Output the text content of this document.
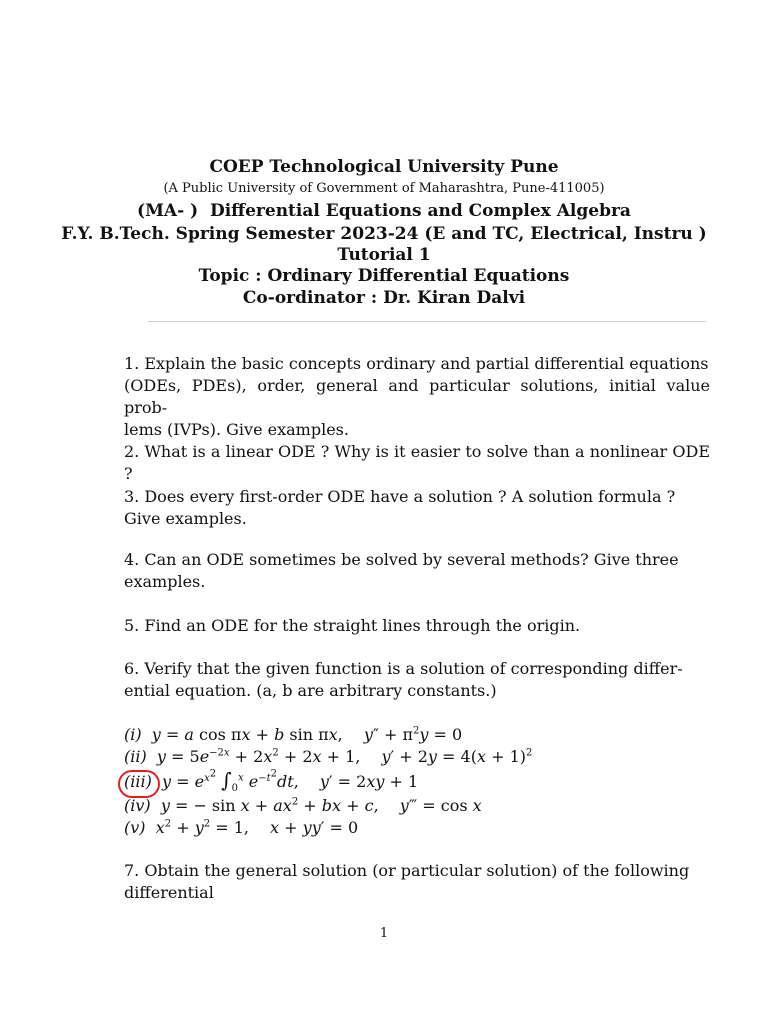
COEP Technological University Pune
(A Public University of Government of Maharashtra, Pune-411005)
(MA- )  Differential Equations and Complex Algebra
F.Y. B.Tech. Spring Semester 2023-24 (E and TC, Electrical, Instru )
Tutorial 1
Topic : Ordinary Differential Equations
Co-ordinator : Dr. Kiran Dalvi
1. Explain the basic concepts ordinary and partial differential equations
(ODEs, PDEs), order, general and particular solutions, initial value prob-
lems (IVPs). Give examples.
2. What is a linear ODE ? Why is it easier to solve than a nonlinear ODE ?
3. Does every first-order ODE have a solution ? A solution formula ?
Give examples.
4. Can an ODE sometimes be solved by several methods? Give three
examples.
5. Find an ODE for the straight lines through the origin.
6. Verify that the given function is a solution of corresponding differ-
ential equation. (a, b are arbitrary constants.)
(i) y = a cos πx + b sin πx, $y'' + \pi^2y = 0$
(ii) $y = 5e^{-2x} + 2x^2 + 2x + 1$, $y' + 2y = 4(x + 1)^2$
(iii) $y = e^{x^2}$ $\int_0^x$ $e^{-t^2}dt$, y′ = 2xy + 1
(iv) y = − $\sin x + ax^2$ + bx + c, y‴ = cos x
(v) $x^2 + y^2 = 1$, x + yy′ = 0
7. Obtain the general solution (or particular solution) of the following
differential
1
